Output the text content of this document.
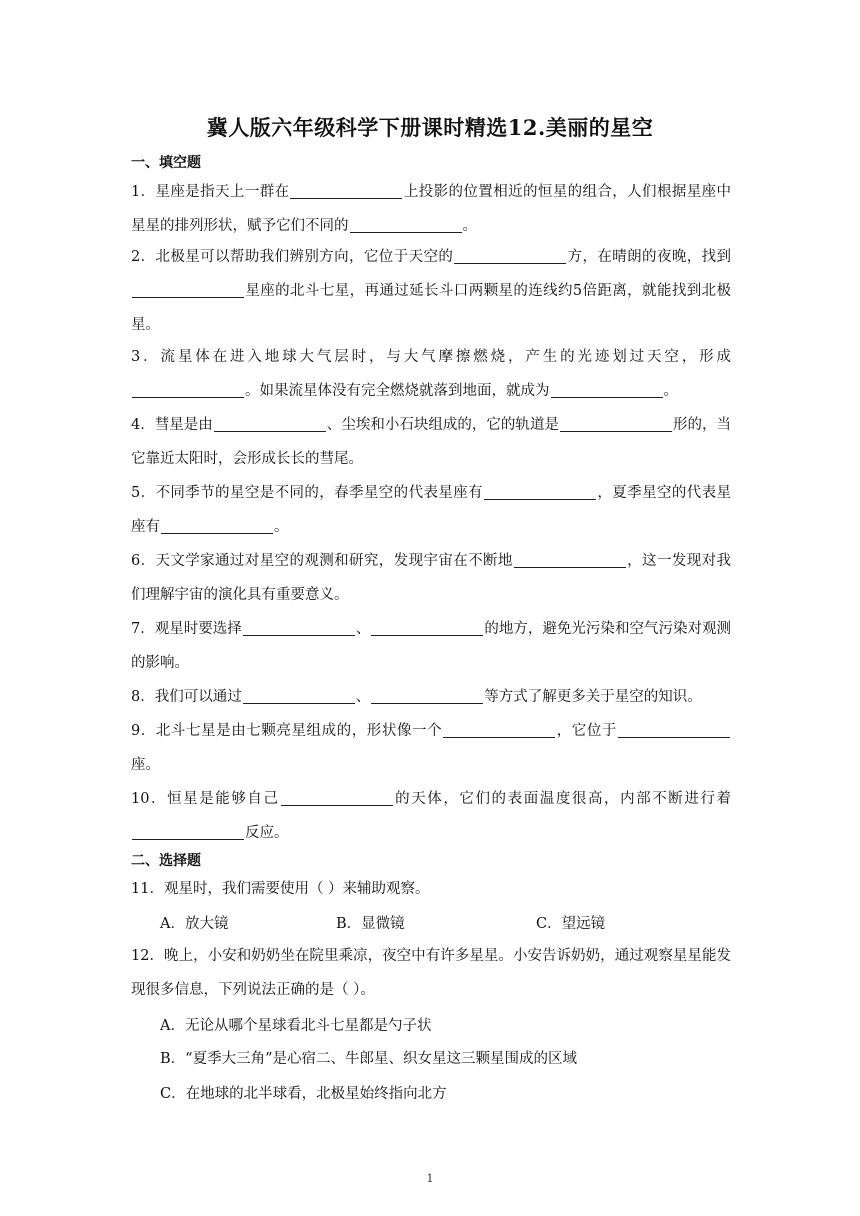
冀人版六年级科学下册课时精选12.美丽的星空
一、填空题
1．星座是指天上一群在	上投影的位置相近的恒星的组合，人们根据星座中星星的排列形状，赋予它们不同的	。
2．北极星可以帮助我们辨别方向，它位于天空的	方，在晴朗的夜晚，找到星座的北斗七星，再通过延长斗口两颗星的连线约5倍距离，就能找到北极星。
3．流星体在进入地球大气层时，与大气摩擦燃烧，产生的光迹划过天空，形成。如果流星体没有完全燃烧就落到地面，就成为	。
4．彗星是由	、尘埃和小石块组成的，它的轨道是	形的，当它靠近太阳时，会形成长长的彗尾。
5．不同季节的星空是不同的，春季星空的代表星座有	，夏季星空的代表星座有	。
6．天文学家通过对星空的观测和研究，发现宇宙在不断地	，这一发现对我们理解宇宙的演化具有重要意义。
7．观星时要选择	、	的地方，避免光污染和空气污染对观测的影响。
8．我们可以通过	、	等方式了解更多关于星空的知识。
9．北斗七星是由七颗亮星组成的，形状像一个	，它位于座。
10．恒星是能够自己	的天体，它们的表面温度很高，内部不断进行着反应。
二、选择题
11．观星时，我们需要使用（ ）来辅助观察。
A．放大镜	B．显微镜	C．望远镜
12．晚上，小安和奶奶坐在院里乘凉，夜空中有许多星星。小安告诉奶奶，通过观察星星能发现很多信息，下列说法正确的是（ ）。
A．无论从哪个星球看北斗七星都是勺子状
B．“夏季大三角”是心宿二、牛郎星、织女星这三颗星围成的区域
C．在地球的北半球看，北极星始终指向北方
1
